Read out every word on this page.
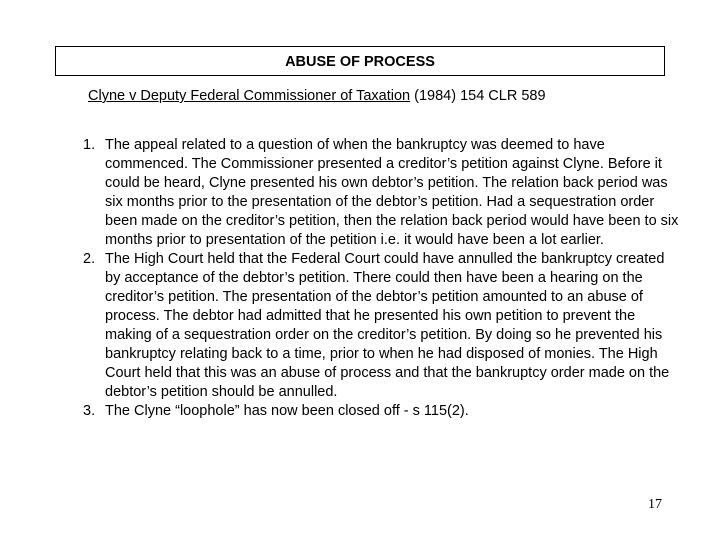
ABUSE OF PROCESS
Clyne v Deputy Federal Commissioner of Taxation (1984) 154 CLR 589
1. The appeal related to a question of when the bankruptcy was deemed to have commenced. The Commissioner presented a creditor’s petition against Clyne. Before it could be heard, Clyne presented his own debtor’s petition. The relation back period was six months prior to the presentation of the debtor’s petition. Had a sequestration order been made on the creditor’s petition, then the relation back period would have been to six months prior to presentation of the petition i.e. it would have been a lot earlier.
2. The High Court held that the Federal Court could have annulled the bankruptcy created by acceptance of the debtor’s petition. There could then have been a hearing on the creditor’s petition. The presentation of the debtor’s petition amounted to an abuse of process. The debtor had admitted that he presented his own petition to prevent the making of a sequestration order on the creditor’s petition. By doing so he prevented his bankruptcy relating back to a time, prior to when he had disposed of monies. The High Court held that this was an abuse of process and that the bankruptcy order made on the debtor’s petition should be annulled.
3. The Clyne “loophole” has now been closed off - s 115(2).
17
